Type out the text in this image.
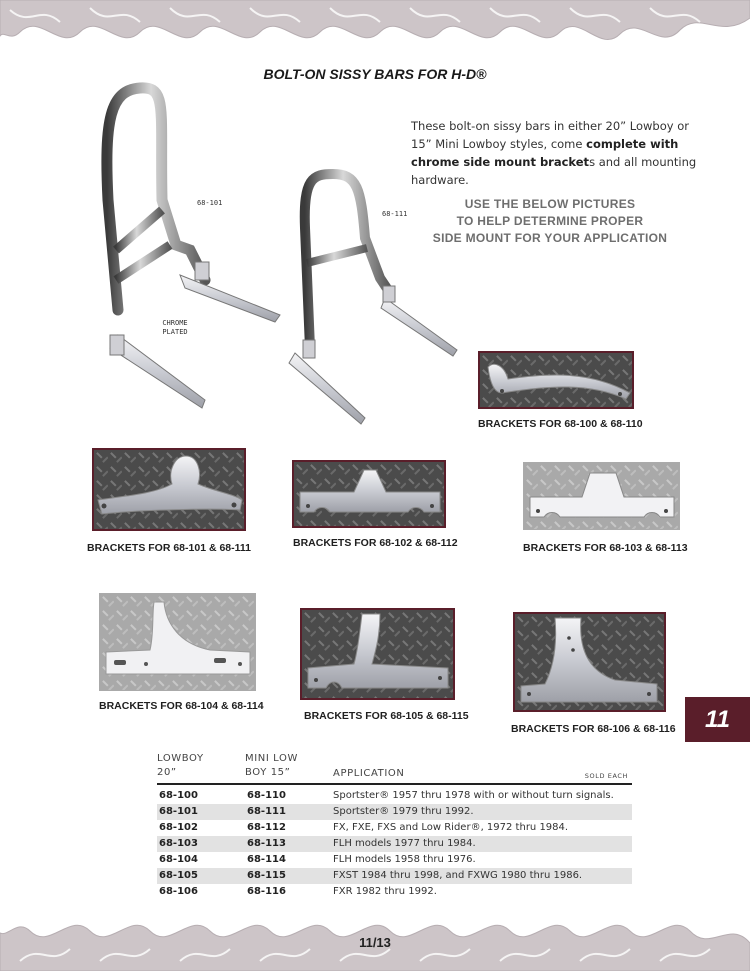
BOLT-ON SISSY BARS FOR H-D®
68-101
CHROME
PLATED
68-111
These bolt-on sissy bars in either 20” Lowboy or 15” Mini Lowboy styles, come complete with chrome side mount brackets and all mounting hardware.
USE THE BELOW PICTURES
TO HELP DETERMINE PROPER
SIDE MOUNT FOR YOUR APPLICATION
BRACKETS FOR 68-100 & 68-110
BRACKETS FOR 68-101 & 68-111	BRACKETS FOR 68-102 & 68-112	BRACKETS FOR 68-103 & 68-113
BRACKETS FOR 68-104 & 68-114
BRACKETS FOR 68-105 & 68-115
BRACKETS FOR 68-106 & 68-116	11
LOWBOY
20”
MINI LOW
BOY 15”	APPLICATION	SOLD EACH
68-100	68-110	Sportster® 1957 thru 1978 with or without turn signals.
68-101	68-111	Sportster® 1979 thru 1992.
68-102	68-112	FX, FXE, FXS and Low Rider®, 1972 thru 1984.
68-103	68-113	FLH models 1977 thru 1984.
68-104	68-114	FLH models 1958 thru 1976.
68-105	68-115	FXST 1984 thru 1998, and FXWG 1980 thru 1986.
68-106	68-116	FXR 1982 thru 1992.
11/13
